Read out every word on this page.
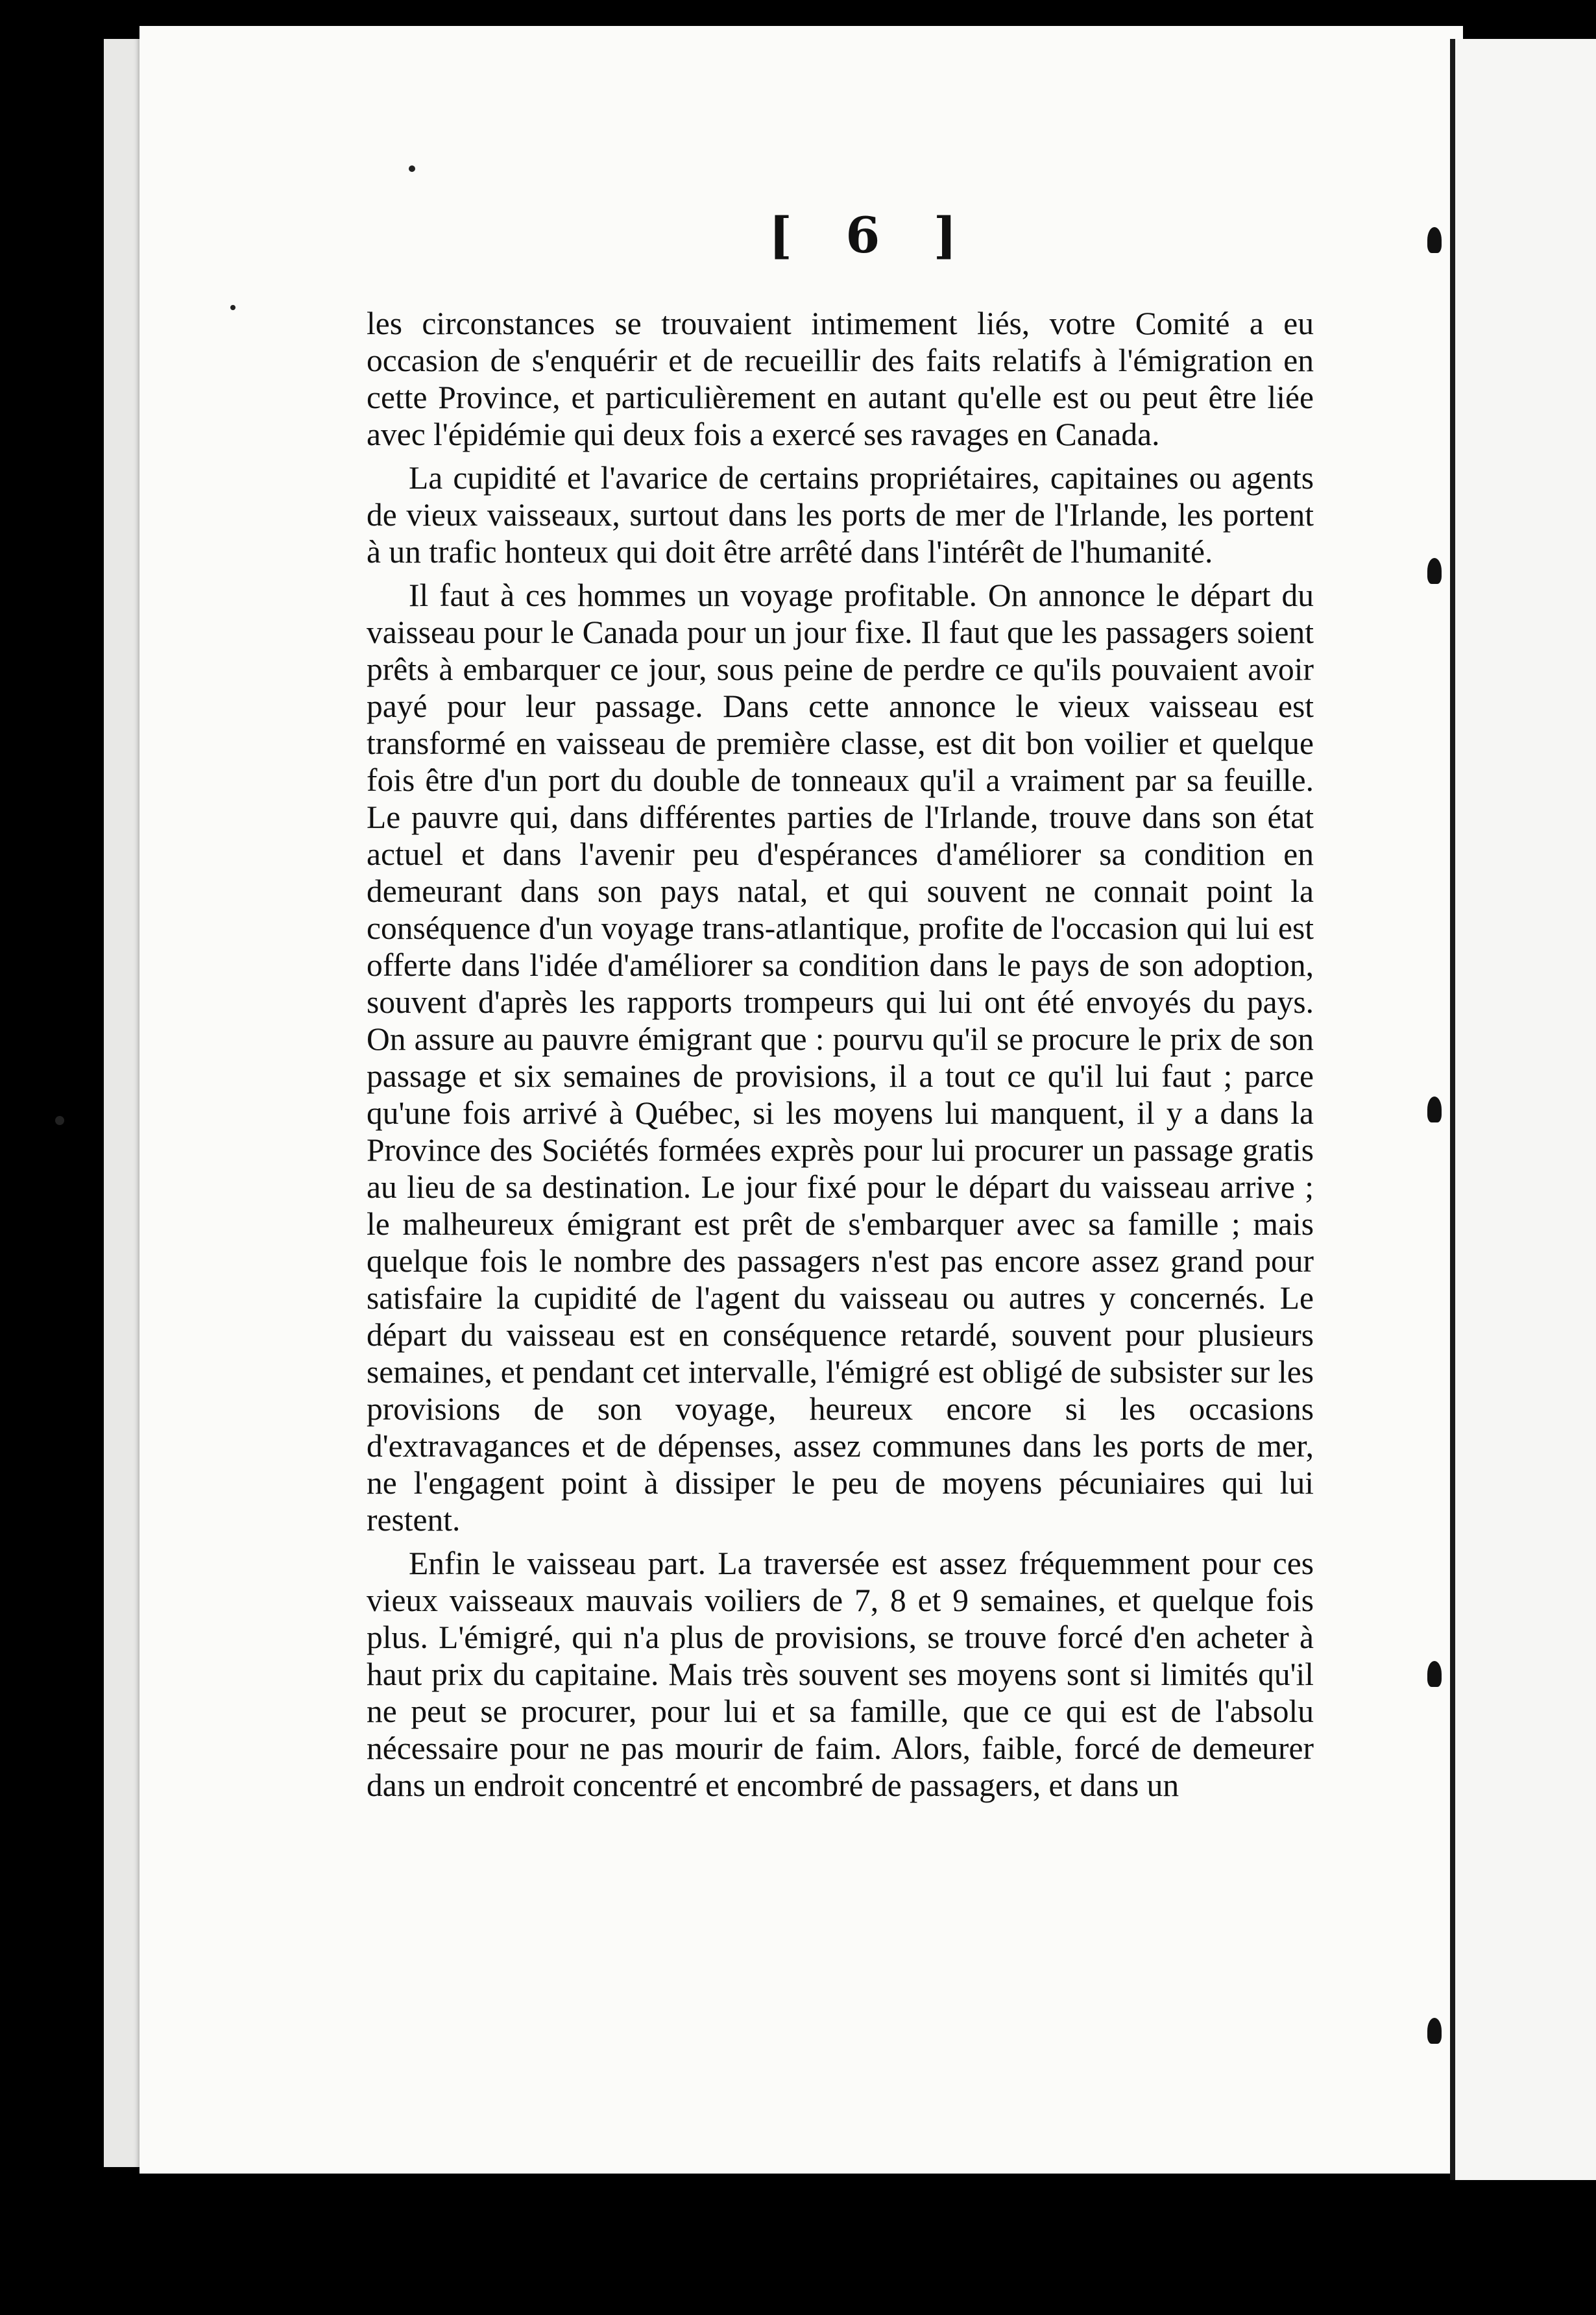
[ 6 ]

les circonstances se trouvaient intimement liés, votre Comité a eu occasion de s'enquérir et de recueillir des faits relatifs à l'émigration en cette Province, et particulièrement en autant qu'elle est ou peut être liée avec l'épidémie qui deux fois a exercé ses ravages en Canada.

La cupidité et l'avarice de certains propriétaires, capitaines ou agents de vieux vaisseaux, surtout dans les ports de mer de l'Irlande, les portent à un trafic honteux qui doit être arrêté dans l'intérêt de l'humanité.

Il faut à ces hommes un voyage profitable. On annonce le départ du vaisseau pour le Canada pour un jour fixe. Il faut que les passagers soient prêts à embarquer ce jour, sous peine de perdre ce qu'ils pouvaient avoir payé pour leur passage. Dans cette annonce le vieux vaisseau est transformé en vaisseau de première classe, est dit bon voilier et quelque fois être d'un port du double de tonneaux qu'il a vraiment par sa feuille. Le pauvre qui, dans différentes parties de l'Irlande, trouve dans son état actuel et dans l'avenir peu d'espérances d'améliorer sa condition en demeurant dans son pays natal, et qui souvent ne connait point la conséquence d'un voyage trans-atlantique, profite de l'occasion qui lui est offerte dans l'idée d'améliorer sa condition dans le pays de son adoption, souvent d'après les rapports trompeurs qui lui ont été envoyés du pays. On assure au pauvre émigrant que : pourvu qu'il se procure le prix de son passage et six semaines de provisions, il a tout ce qu'il lui faut ; parce qu'une fois arrivé à Québec, si les moyens lui manquent, il y a dans la Province des Sociétés formées exprès pour lui procurer un passage gratis au lieu de sa destination. Le jour fixé pour le départ du vaisseau arrive ; le malheureux émigrant est prêt de s'embarquer avec sa famille ; mais quelque fois le nombre des passagers n'est pas encore assez grand pour satisfaire la cupidité de l'agent du vaisseau ou autres y concernés. Le départ du vaisseau est en conséquence retardé, souvent pour plusieurs semaines, et pendant cet intervalle, l'émigré est obligé de subsister sur les provisions de son voyage, heureux encore si les occasions d'extravagances et de dépenses, assez communes dans les ports de mer, ne l'engagent point à dissiper le peu de moyens pécuniaires qui lui restent.

Enfin le vaisseau part. La traversée est assez fréquemment pour ces vieux vaisseaux mauvais voiliers de 7, 8 et 9 semaines, et quelque fois plus. L'émigré, qui n'a plus de provisions, se trouve forcé d'en acheter à haut prix du capitaine. Mais très souvent ses moyens sont si limités qu'il ne peut se procurer, pour lui et sa famille, que ce qui est de l'absolu nécessaire pour ne pas mourir de faim. Alors, faible, forcé de demeurer dans un endroit concentré et encombré de passagers, et dans un
